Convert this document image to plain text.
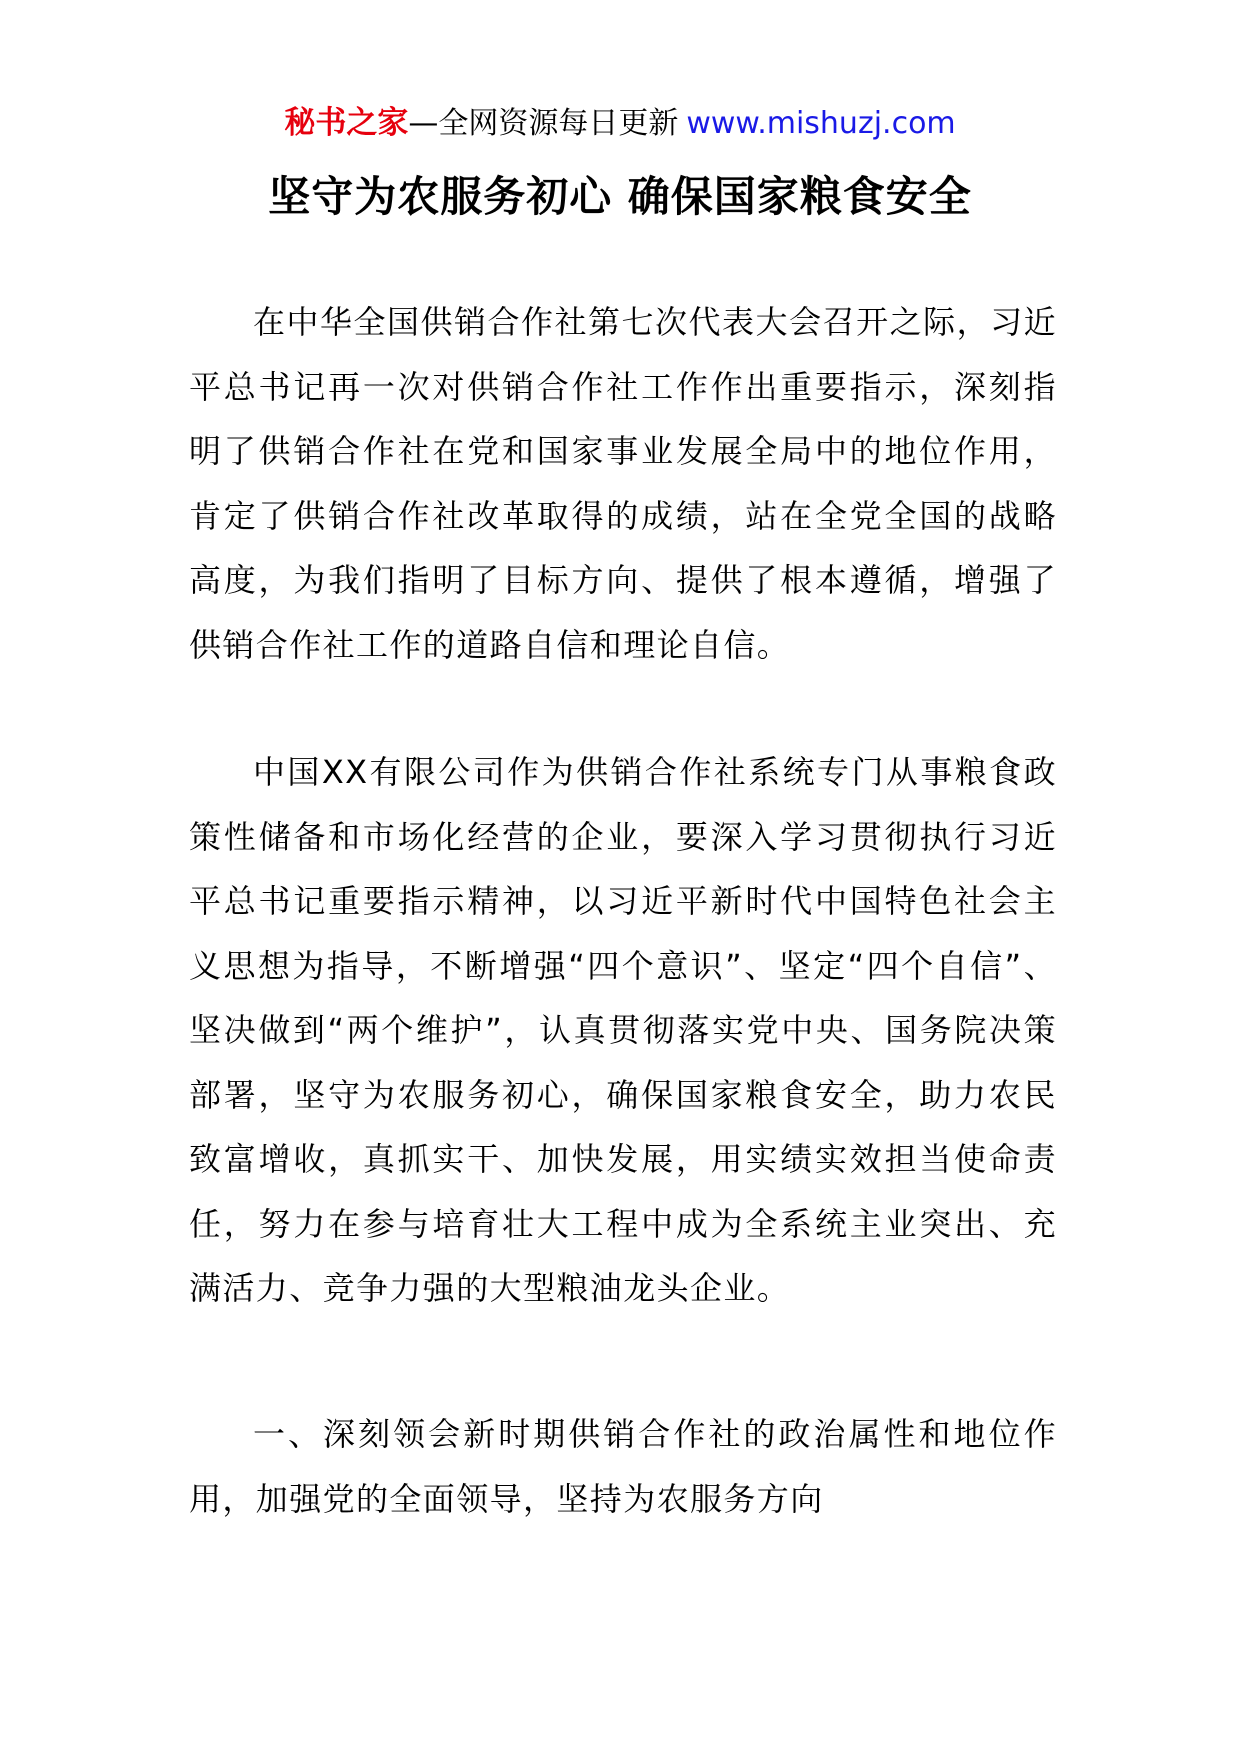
秘书之家—全网资源每日更新 www.mishuzj.com
坚守为农服务初心 确保国家粮食安全

在中华全国供销合作社第七次代表大会召开之际，习近平总书记再一次对供销合作社工作作出重要指示，深刻指明了供销合作社在党和国家事业发展全局中的地位作用，肯定了供销合作社改革取得的成绩，站在全党全国的战略高度，为我们指明了目标方向、提供了根本遵循，增强了供销合作社工作的道路自信和理论自信。

中国XX有限公司作为供销合作社系统专门从事粮食政策性储备和市场化经营的企业，要深入学习贯彻执行习近平总书记重要指示精神，以习近平新时代中国特色社会主义思想为指导，不断增强“四个意识”、坚定“四个自信”、坚决做到“两个维护”，认真贯彻落实党中央、国务院决策部署，坚守为农服务初心，确保国家粮食安全，助力农民致富增收，真抓实干、加快发展，用实绩实效担当使命责任，努力在参与培育壮大工程中成为全系统主业突出、充满活力、竞争力强的大型粮油龙头企业。

一、深刻领会新时期供销合作社的政治属性和地位作用，加强党的全面领导，坚持为农服务方向
